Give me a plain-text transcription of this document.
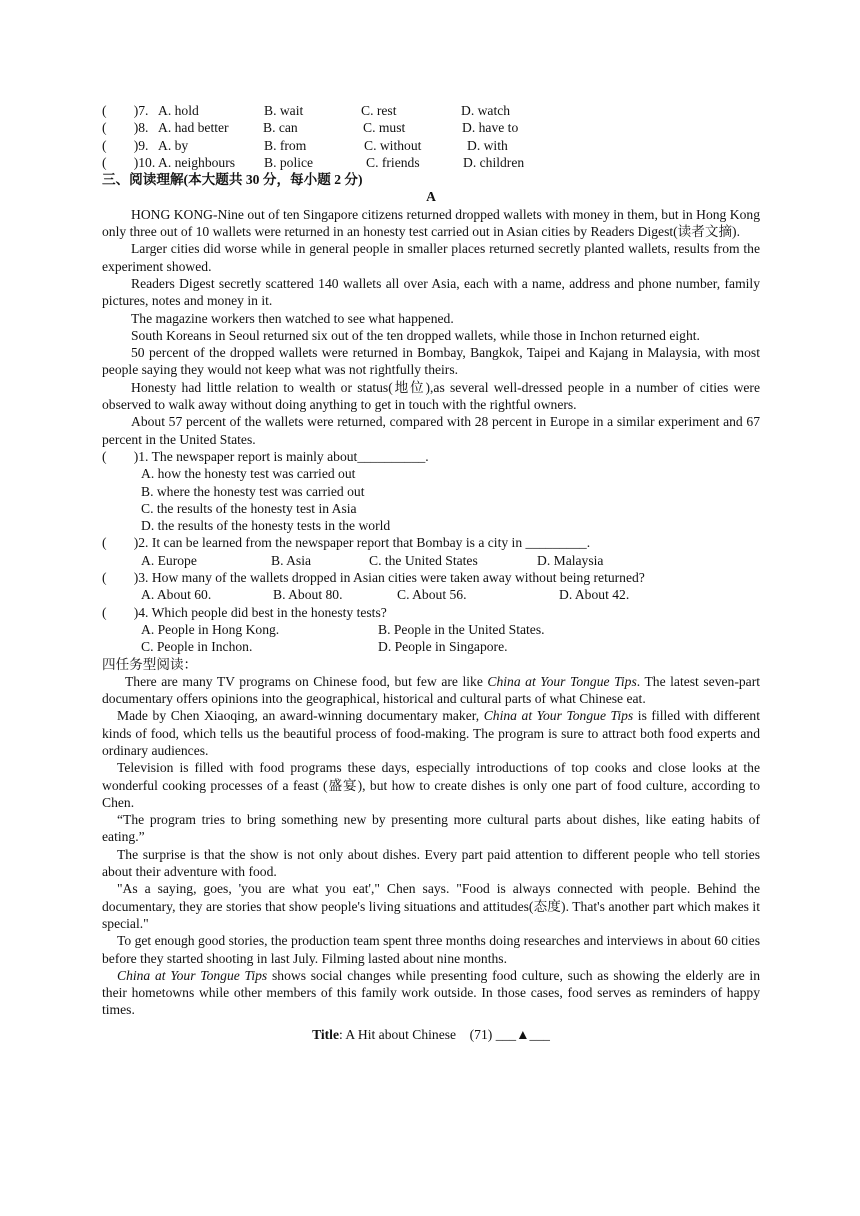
(        )7. A. hold	B. wait	C. rest	D. watch
(        )8. A. had better	B. can	C. must	D. have to
(        )9. A. by	B. from	C. without	D. with
(        )10. A. neighbours	B. police	C. friends	D. children
三、阅读理解(本大题共 30 分，每小题 2 分)
A

HONG KONG-Nine out of ten Singapore citizens returned dropped wallets with money in them, but in Hong Kong only three out of 10 wallets were returned in an honesty test carried out in Asian cities by Readers Digest(读者文摘).

Larger cities did worse while in general people in smaller places returned secretly planted wallets, results from the experiment showed.

Readers Digest secretly scattered 140 wallets all over Asia, each with a name, address and phone number, family pictures, notes and money in it.

The magazine workers then watched to see what happened.

South Koreans in Seoul returned six out of the ten dropped wallets, while those in Inchon returned eight.

50 percent of the dropped wallets were returned in Bombay, Bangkok, Taipei and Kajang in Malaysia, with most people saying they would not keep what was not rightfully theirs.

Honesty had little relation to wealth or status(地位),as several well-dressed people in a number of cities were observed to walk away without doing anything to get in touch with the rightful owners.

About 57 percent of the wallets were returned, compared with 28 percent in Europe in a similar experiment and 67 percent in the United States.

(        )1. The newspaper report is mainly about__________.
A. how the honesty test was carried out
B. where the honesty test was carried out
C. the results of the honesty test in Asia
D. the results of the honesty tests in the world
(        )2. It can be learned from the newspaper report that Bombay is a city in _________.
A. Europe	B. Asia	C. the United States	D. Malaysia
(        )3. How many of the wallets dropped in Asian cities were taken away without being returned?
A. About 60.	B. About 80.	C. About 56.	D. About 42.
(        )4. Which people did best in the honesty tests?
A. People in Hong Kong.	B. People in the United States.
C. People in Inchon.	D. People in Singapore.
四任务型阅读：

There are many TV programs on Chinese food, but few are like China at Your Tongue Tips. The latest seven-part documentary offers opinions into the geographical, historical and cultural parts of what Chinese eat.

Made by Chen Xiaoqing, an award-winning documentary maker, China at Your Tongue Tips is filled with different kinds of food, which tells us the beautiful process of food-making. The program is sure to attract both food experts and ordinary audiences.

Television is filled with food programs these days, especially introductions of top cooks and close looks at the wonderful cooking processes of a feast (盛宴), but how to create dishes is only one part of food culture, according to Chen.

“The program tries to bring something new by presenting more cultural parts about dishes, like eating habits of eating.”

The surprise is that the show is not only about dishes. Every part paid attention to different people who tell stories about their adventure with food.

"As a saying, goes, 'you are what you eat'," Chen says. "Food is always connected with people. Behind the documentary, they are stories that show people's living situations and attitudes(态度). That's another part which makes it special."

To get enough good stories, the production team spent three months doing researches and interviews in about 60 cities before they started shooting in last July. Filming lasted about nine months.

China at Your Tongue Tips shows social changes while presenting food culture, such as showing the elderly are in their hometowns while other members of this family work outside. In those cases, food serves as reminders of happy times.

Title: A Hit about Chinese    (71) ___▲___
